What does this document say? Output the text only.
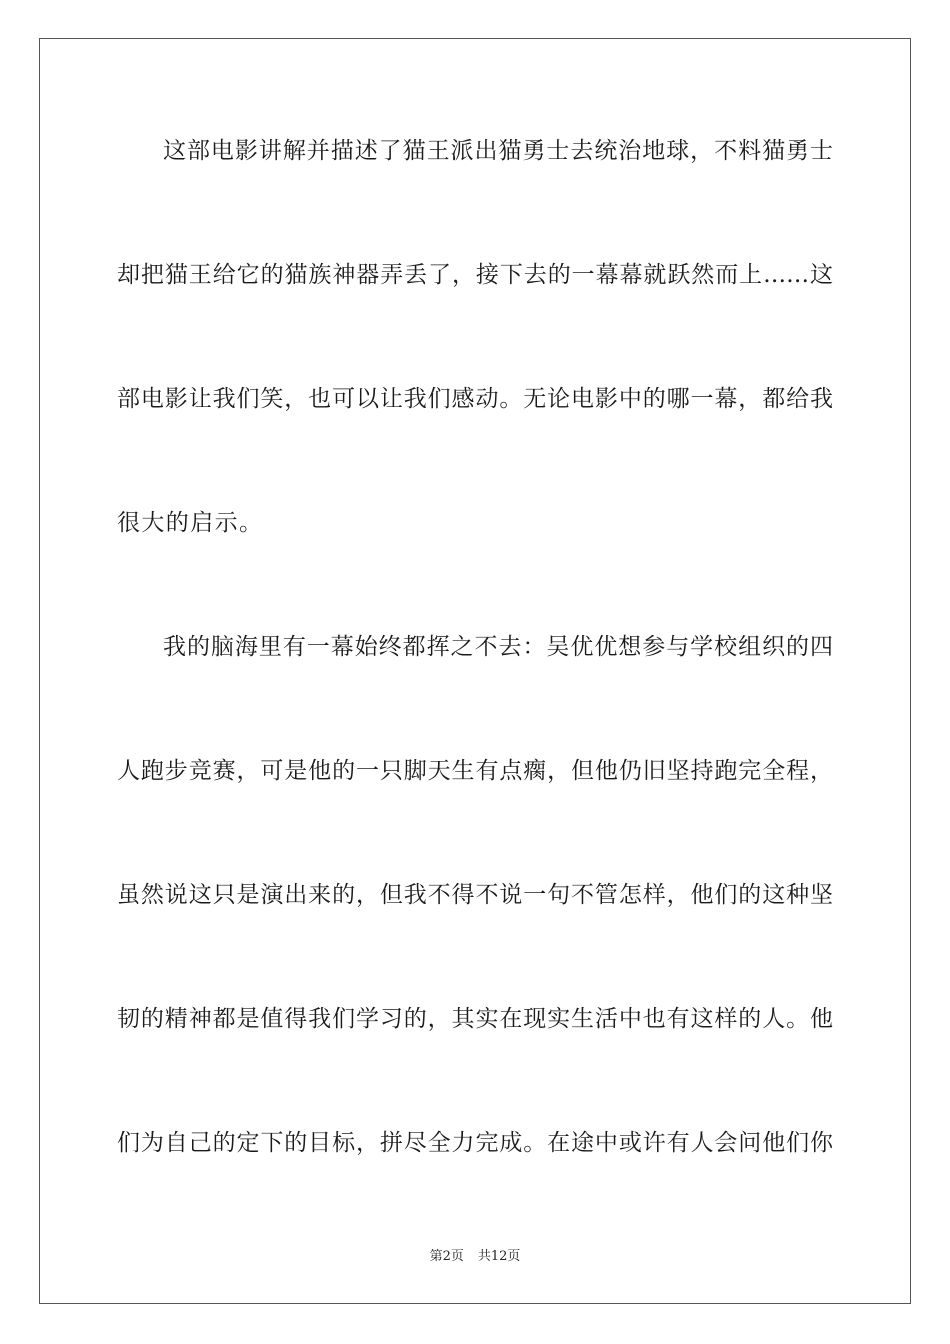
这部电影讲解并描述了猫王派出猫勇士去统治地球，不料猫勇士
却把猫王给它的猫族神器弄丢了，接下去的一幕幕就跃然而上……这
部电影让我们笑，也可以让我们感动。无论电影中的哪一幕，都给我
很大的启示。
我的脑海里有一幕始终都挥之不去：吴优优想参与学校组织的四
人跑步竞赛，可是他的一只脚天生有点瘸，但他仍旧坚持跑完全程，
虽然说这只是演出来的，但我不得不说一句不管怎样，他们的这种坚
韧的精神都是值得我们学习的，其实在现实生活中也有这样的人。他
们为自己的定下的目标，拼尽全力完成。在途中或许有人会问他们你
第2页 共12页
